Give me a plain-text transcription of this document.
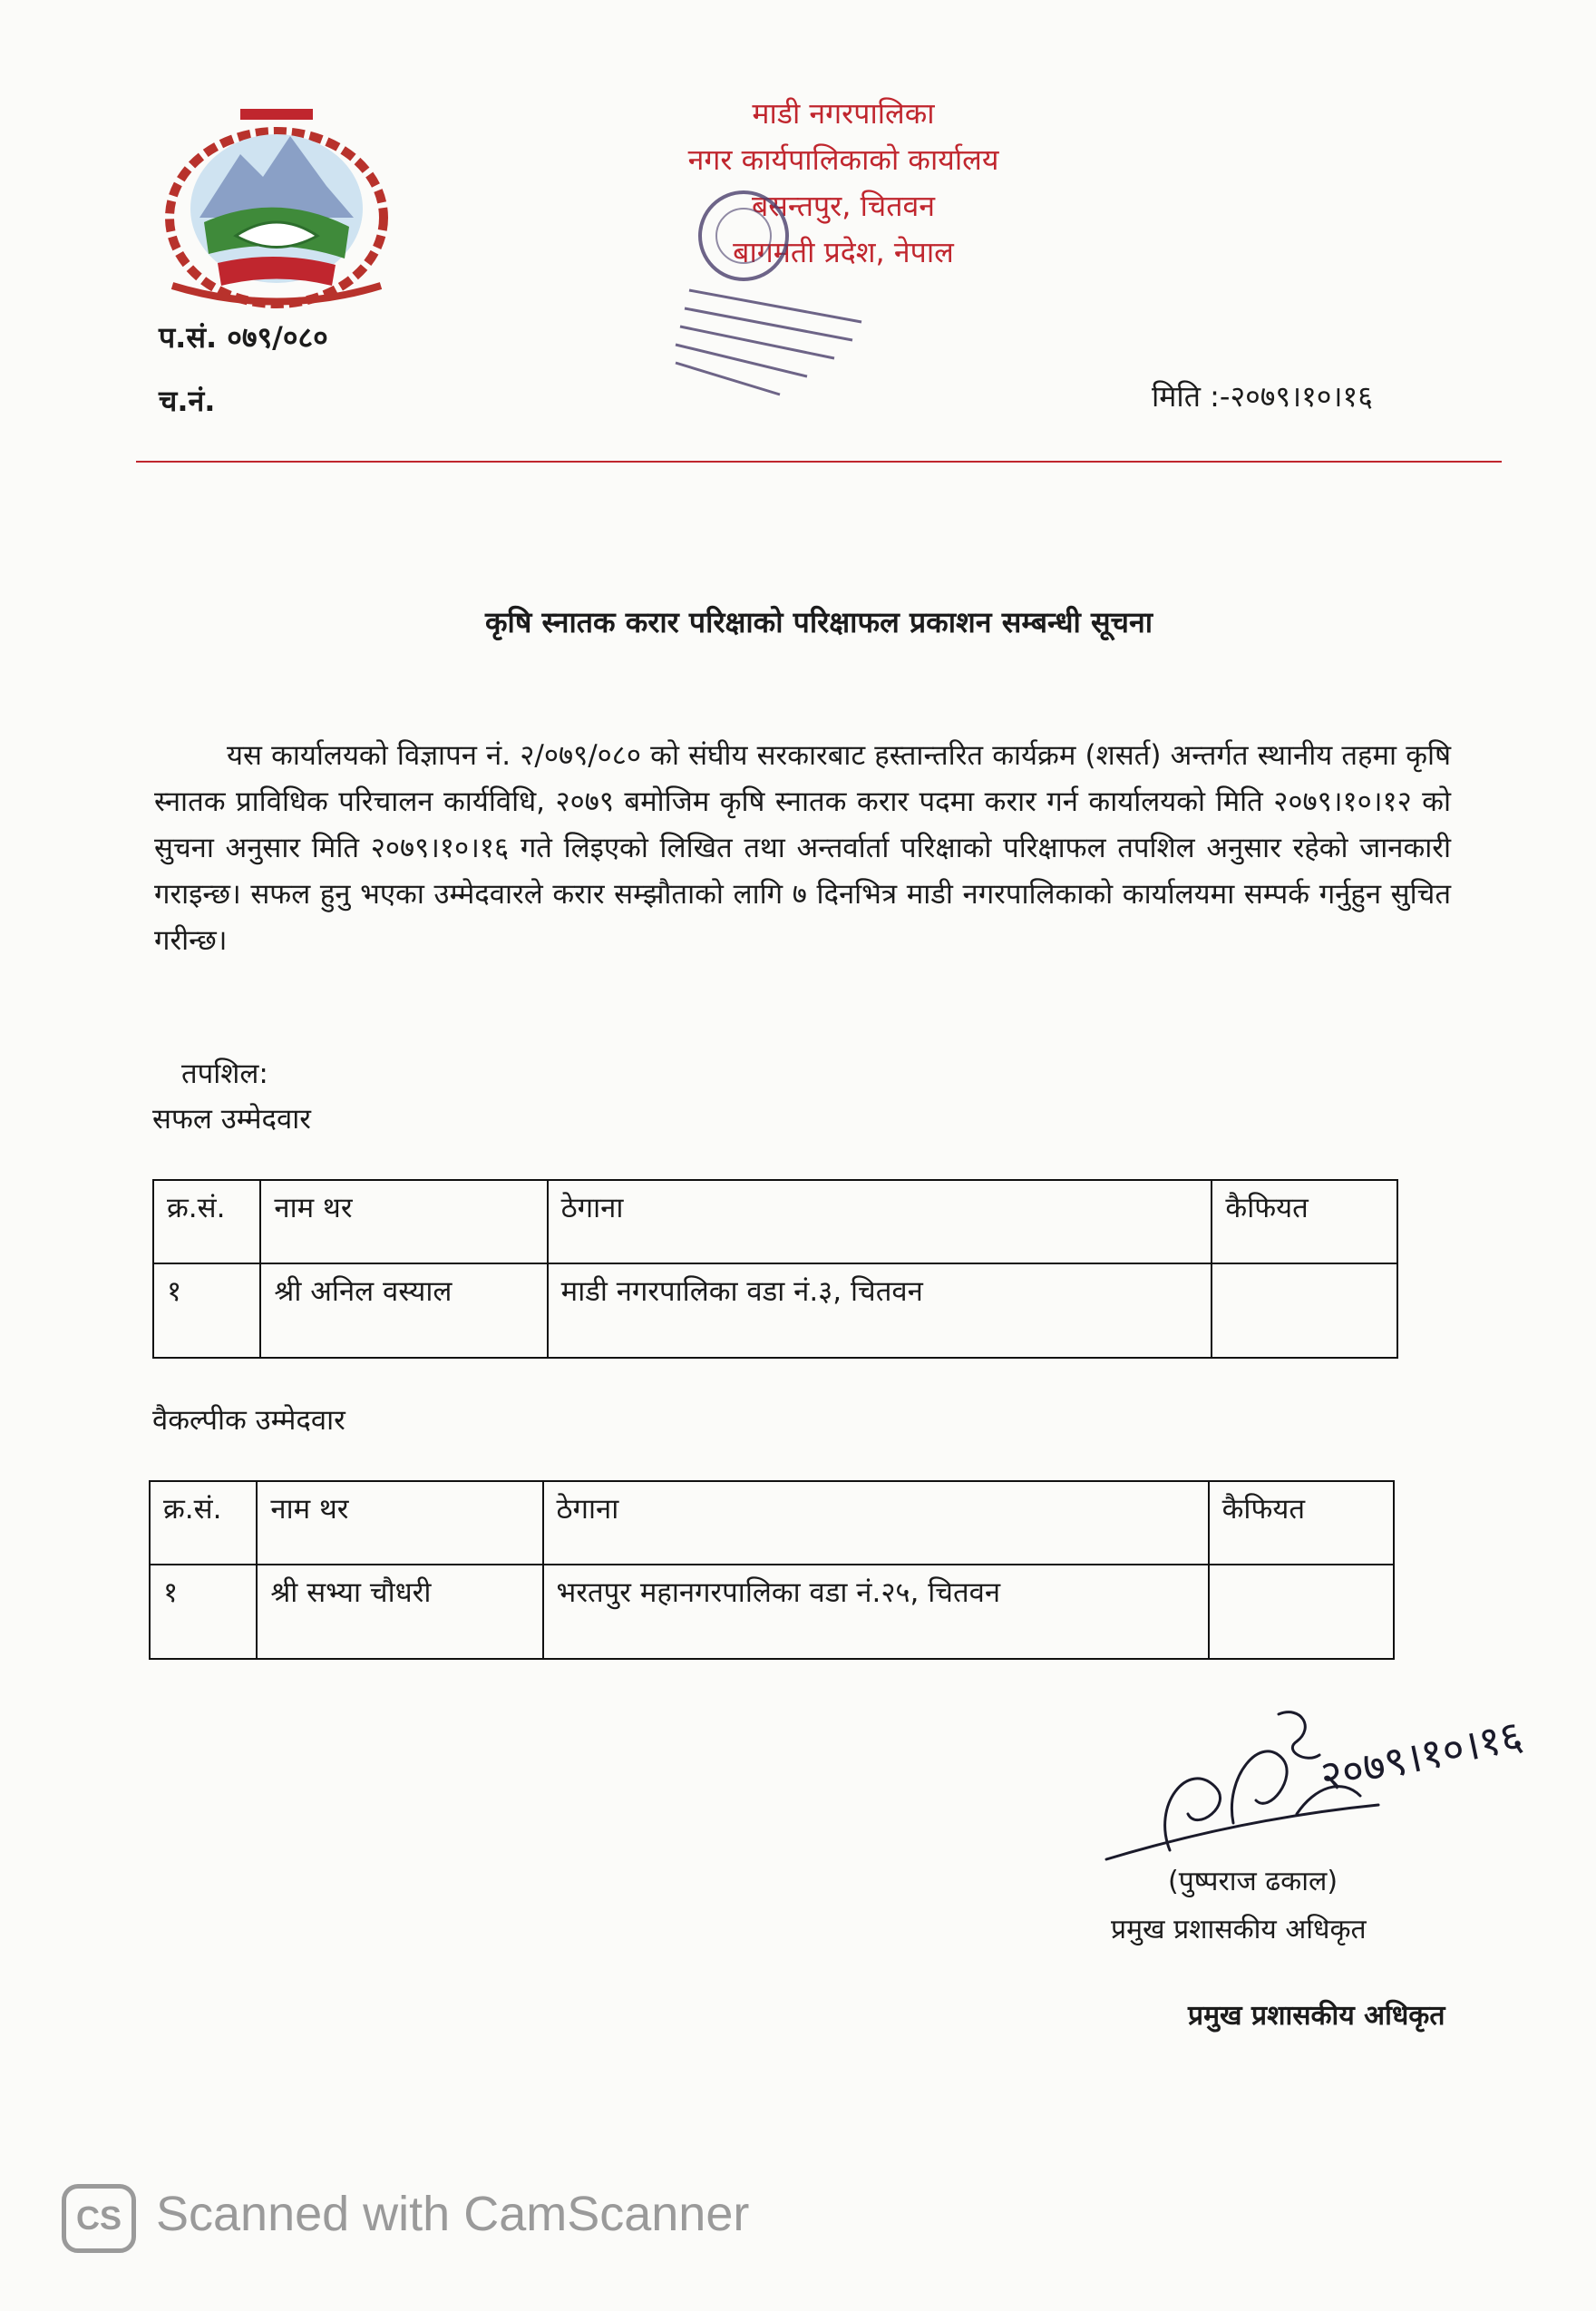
माडी नगरपालिका
नगर कार्यपालिकाको कार्यालय
बसन्तपुर, चितवन
बागमती प्रदेश, नेपाल
प.सं. ०७९/०८०
च.नं.	मिति :-२०७९।१०।१६
कृषि स्नातक करार परिक्षाको परिक्षाफल प्रकाशन सम्बन्धी सूचना
यस कार्यालयको विज्ञापन नं. २/०७९/०८० को संघीय सरकारबाट हस्तान्तरित कार्यक्रम (शसर्त) अन्तर्गत स्थानीय तहमा कृषि स्नातक प्राविधिक परिचालन कार्यविधि, २०७९ बमोजिम कृषि स्नातक करार पदमा करार गर्न कार्यालयको मिति २०७९।१०।१२ को सुचना अनुसार मिति २०७९।१०।१६ गते लिइएको लिखित तथा अन्तर्वार्ता परिक्षाको परिक्षाफल तपशिल अनुसार रहेको जानकारी गराइन्छ। सफल हुनु भएका उम्मेदवारले करार सम्झौताको लागि ७ दिनभित्र माडी नगरपालिकाको कार्यालयमा सम्पर्क गर्नुहुन सुचित गरीन्छ।
तपशिल:
सफल उम्मेदवार
क्र.सं.	नाम थर	ठेगाना	कैफियत
१	श्री अनिल वस्याल	माडी नगरपालिका वडा नं.३, चितवन	
वैकल्पीक उम्मेदवार
क्र.सं.	नाम थर	ठेगाना	कैफियत
१	श्री सभ्या चौधरी	भरतपुर महानगरपालिका वडा नं.२५, चितवन	
२०७९।१०।१६
(पुष्पराज ढकाल)
प्रमुख प्रशासकीय अधिकृत
प्रमुख प्रशासकीय अधिकृत
CS Scanned with CamScanner
